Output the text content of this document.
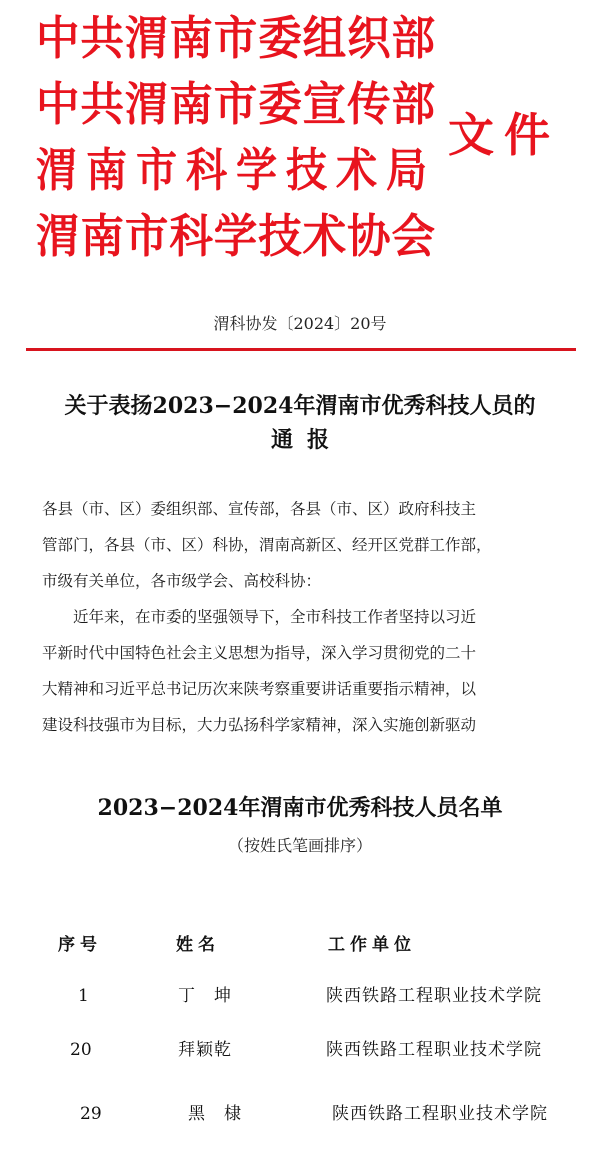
中共渭南市委组织部
中共渭南市委宣传部
渭南市科学技术局
渭南市科学技术协会
文件
渭科协发〔2024〕20号
关于表扬2023−2024年渭南市优秀科技人员的
通报
各县（市、区）委组织部、宣传部，各县（市、区）政府科技主
管部门，各县（市、区）科协，渭南高新区、经开区党群工作部，
市级有关单位，各市级学会、高校科协：
　　近年来，在市委的坚强领导下，全市科技工作者坚持以习近
平新时代中国特色社会主义思想为指导，深入学习贯彻党的二十
大精神和习近平总书记历次来陕考察重要讲话重要指示精神，以
建设科技强市为目标，大力弘扬科学家精神，深入实施创新驱动
2023−2024年渭南市优秀科技人员名单
（按姓氏笔画排序）
序号	姓名	工作单位
1	丁　坤	陕西铁路工程职业技术学院
20	拜颖乾	陕西铁路工程职业技术学院
29	黑　棣	陕西铁路工程职业技术学院
